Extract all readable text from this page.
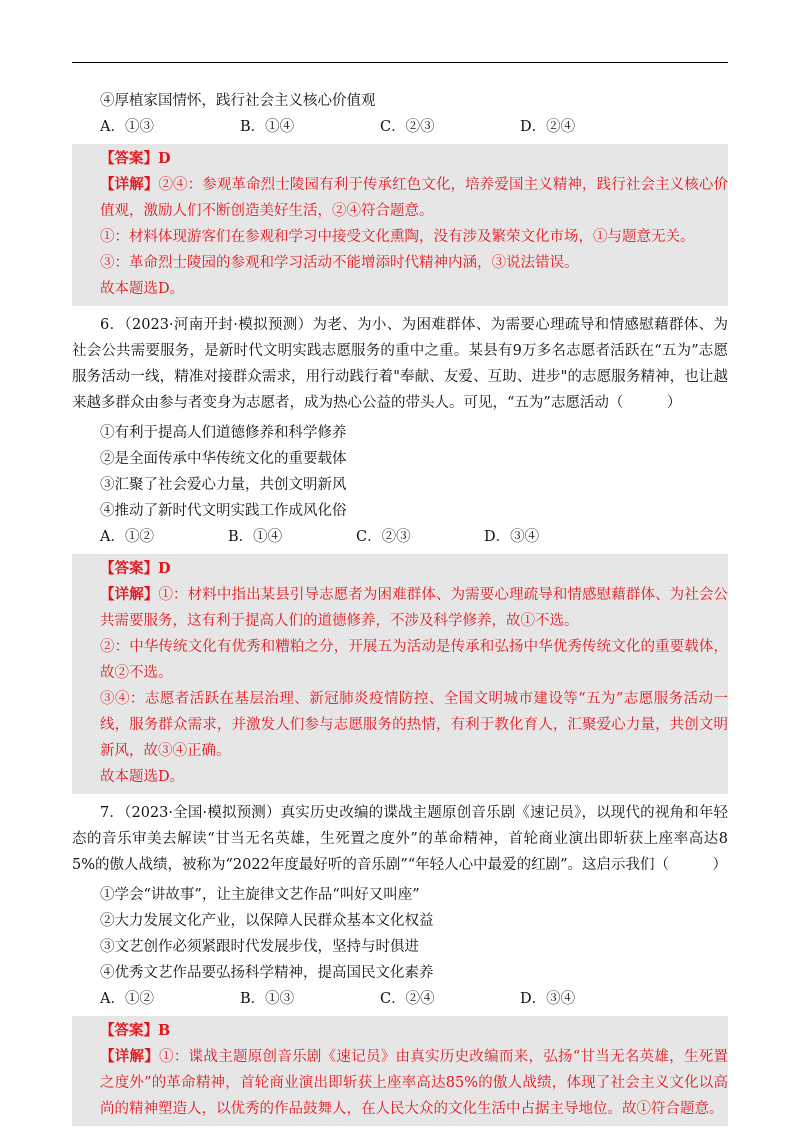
④厚植家国情怀，践行社会主义核心价值观

A．①③	B．①④	C．②③	D．②④

【答案】D

【详解】②④：参观革命烈士陵园有利于传承红色文化，培养爱国主义精神，践行社会主义核心价值观，激励人们不断创造美好生活，②④符合题意。

①：材料体现游客们在参观和学习中接受文化熏陶，没有涉及繁荣文化市场，①与题意无关。

③：革命烈士陵园的参观和学习活动不能增添时代精神内涵，③说法错误。

故本题选D。

6．（2023·河南开封·模拟预测）为老、为小、为困难群体、为需要心理疏导和情感慰藉群体、为社会公共需要服务，是新时代文明实践志愿服务的重中之重。某县有9万多名志愿者活跃在“五为”志愿服务活动一线，精准对接群众需求，用行动践行着"奉献、友爱、互助、进步"的志愿服务精神，也让越来越多群众由参与者变身为志愿者，成为热心公益的带头人。可见，“五为”志愿活动（　　　）

①有利于提高人们道德修养和科学修养

②是全面传承中华传统文化的重要载体

③汇聚了社会爱心力量，共创文明新风

④推动了新时代文明实践工作成风化俗

A．①②	B．①④	C．②③	D．③④

【答案】D

【详解】①：材料中指出某县引导志愿者为困难群体、为需要心理疏导和情感慰藉群体、为社会公共需要服务，这有利于提高人们的道德修养，不涉及科学修养，故①不选。

②：中华传统文化有优秀和糟粕之分，开展五为活动是传承和弘扬中华优秀传统文化的重要载体，故②不选。

③④：志愿者活跃在基层治理、新冠肺炎疫情防控、全国文明城市建设等“五为”志愿服务活动一线，服务群众需求，并激发人们参与志愿服务的热情，有利于教化育人，汇聚爱心力量，共创文明新风，故③④正确。

故本题选D。

7．（2023·全国·模拟预测）真实历史改编的谍战主题原创音乐剧《速记员》，以现代的视角和年轻态的音乐审美去解读“甘当无名英雄，生死置之度外”的革命精神，首轮商业演出即斩获上座率高达85%的傲人战绩，被称为“2022年度最好听的音乐剧”“年轻人心中最爱的红剧”。这启示我们（　　　）

①学会“讲故事”，让主旋律文艺作品“叫好又叫座”

②大力发展文化产业，以保障人民群众基本文化权益

③文艺创作必须紧跟时代发展步伐，坚持与时俱进

④优秀文艺作品要弘扬科学精神，提高国民文化素养

A．①②	B．①③	C．②④	D．③④

【答案】B

【详解】①：谍战主题原创音乐剧《速记员》由真实历史改编而来，弘扬“甘当无名英雄，生死置之度外”的革命精神，首轮商业演出即斩获上座率高达85%的傲人战绩，体现了社会主义文化以高尚的精神塑造人，以优秀的作品鼓舞人，在人民大众的文化生活中占据主导地位。故①符合题意。
